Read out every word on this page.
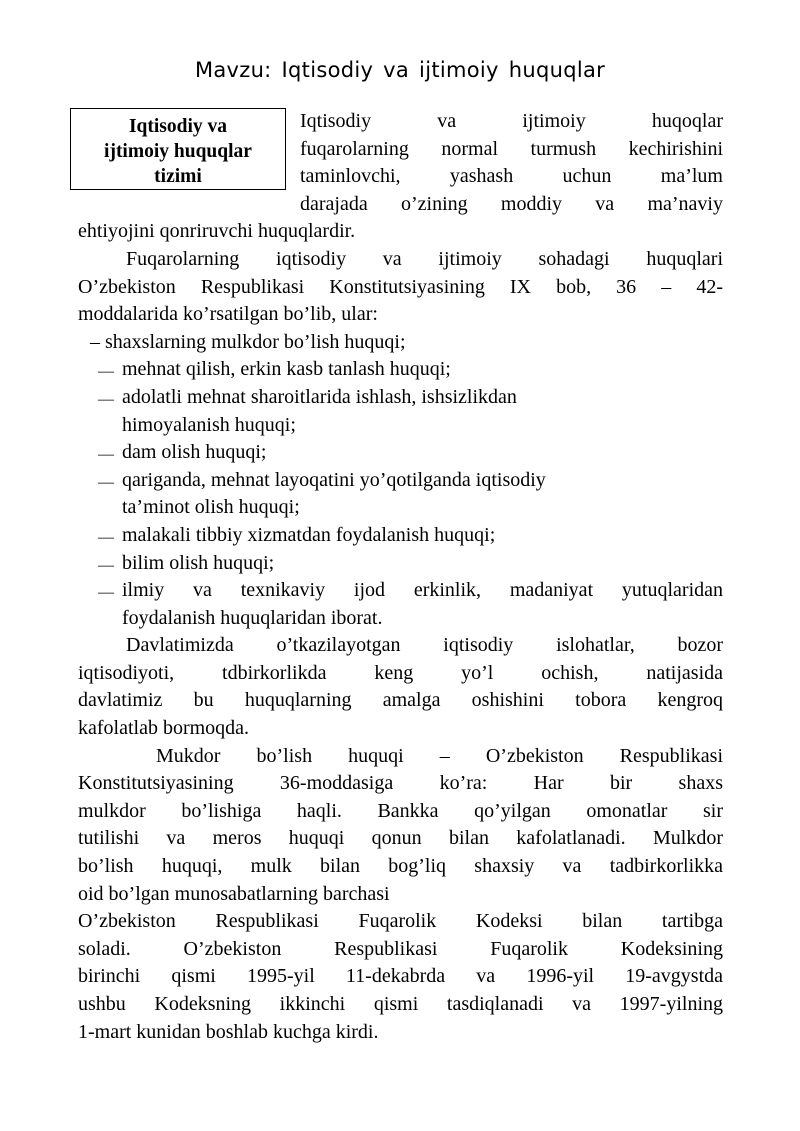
Mavzu: Iqtisodiy va ijtimoiy huquqlar
Iqtisodiy va
ijtimoiy huquqlar
tizimi
Iqtisodiy va ijtimoiy huqoqlar
fuqarolarning normal turmush kechirishini
taminlovchi, yashash uchun ma’lum
darajada o’zining moddiy va ma’naviy
ehtiyojini qonriruvchi huquqlardir.
Fuqarolarning iqtisodiy va ijtimoiy sohadagi huquqlari
O’zbekiston Respublikasi Konstitutsiyasining IX bob, 36 – 42-
moddalarida ko’rsatilgan bo’lib, ular:
– shaxslarning mulkdor bo’lish huquqi;
— mehnat qilish, erkin kasb tanlash huquqi;
— adolatli mehnat sharoitlarida ishlash, ishsizlikdan
himoyalanish huquqi;
— dam olish huquqi;
— qariganda, mehnat layoqatini yo’qotilganda iqtisodiy
ta’minot olish huquqi;
— malakali tibbiy xizmatdan foydalanish huquqi;
— bilim olish huquqi;
— ilmiy va texnikaviy ijod erkinlik, madaniyat yutuqlaridan
foydalanish huquqlaridan iborat.
Davlatimizda o’tkazilayotgan iqtisodiy islohatlar, bozor
iqtisodiyoti, tdbirkorlikda keng yo’l ochish, natijasida
davlatimiz bu huquqlarning amalga oshishini tobora kengroq
kafolatlab bormoqda.
Mukdor bo’lish huquqi – O’zbekiston Respublikasi
Konstitutsiyasining 36-moddasiga ko’ra: Har bir shaxs
mulkdor bo’lishiga haqli. Bankka qo’yilgan omonatlar sir
tutilishi va meros huquqi qonun bilan kafolatlanadi. Mulkdor
bo’lish huquqi, mulk bilan bog’liq shaxsiy va tadbirkorlikka
oid bo’lgan munosabatlarning barchasi
O’zbekiston Respublikasi Fuqarolik Kodeksi bilan tartibga
soladi. O’zbekiston Respublikasi Fuqarolik Kodeksining
birinchi qismi 1995-yil 11-dekabrda va 1996-yil 19-avgystda
ushbu Kodeksning ikkinchi qismi tasdiqlanadi va 1997-yilning
1-mart kunidan boshlab kuchga kirdi.
